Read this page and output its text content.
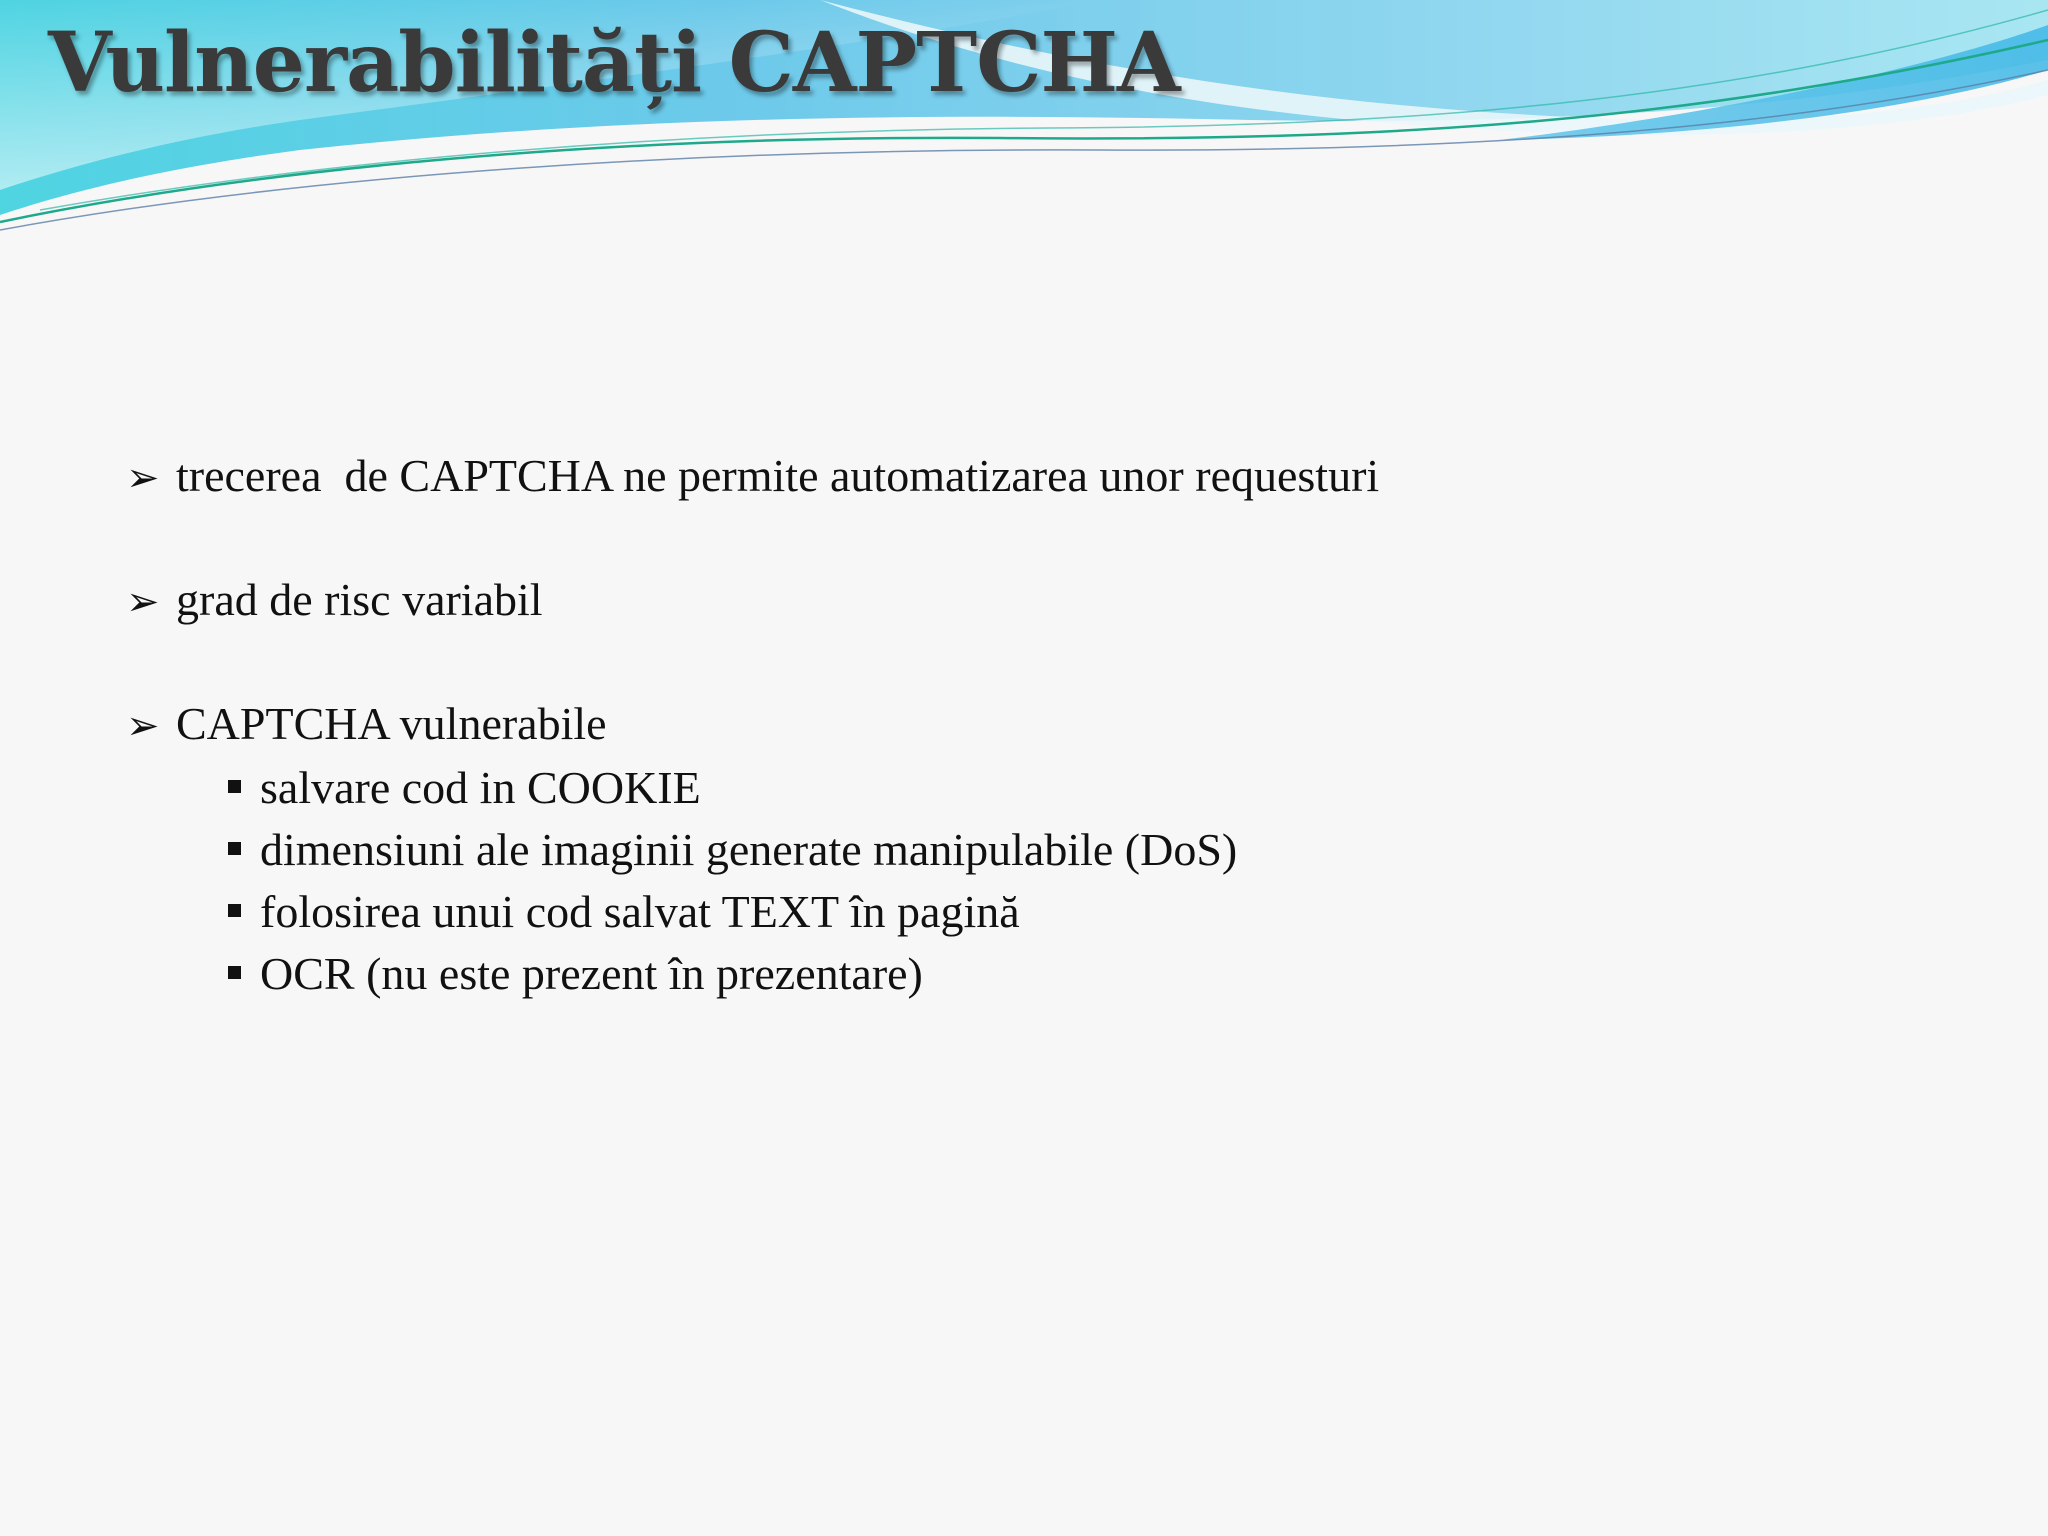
Vulnerabilități CAPTCHA
➢ trecerea  de CAPTCHA ne permite automatizarea unor requesturi
➢ grad de risc variabil
➢ CAPTCHA vulnerabile
salvare cod in COOKIE
dimensiuni ale imaginii generate manipulabile (DoS)
folosirea unui cod salvat TEXT în pagină
OCR (nu este prezent în prezentare)
